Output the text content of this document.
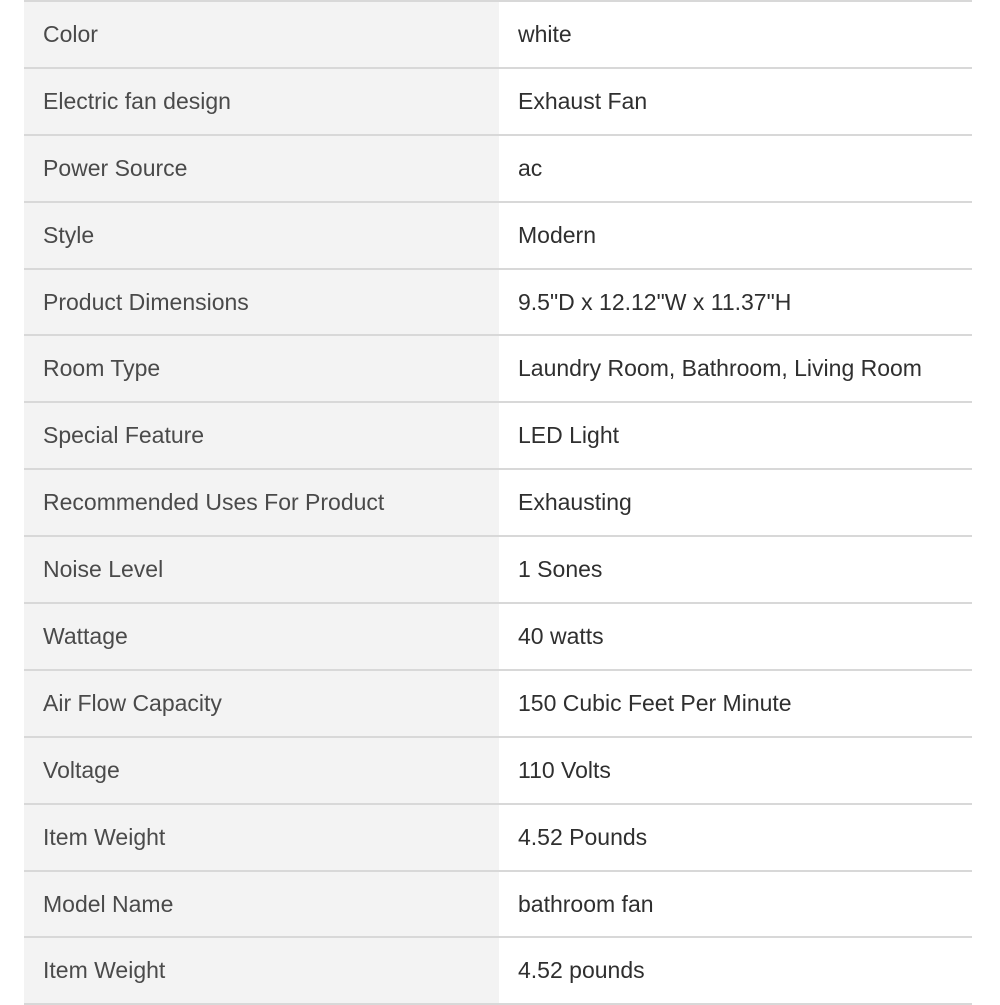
Color	white
Electric fan design	Exhaust Fan
Power Source	ac
Style	Modern
Product Dimensions	9.5"D x 12.12"W x 11.37"H
Room Type	Laundry Room, Bathroom, Living Room
Special Feature	LED Light
Recommended Uses For Product	Exhausting
Noise Level	1 Sones
Wattage	40 watts
Air Flow Capacity	150 Cubic Feet Per Minute
Voltage	110 Volts
Item Weight	4.52 Pounds
Model Name	bathroom fan
Item Weight	4.52 pounds
